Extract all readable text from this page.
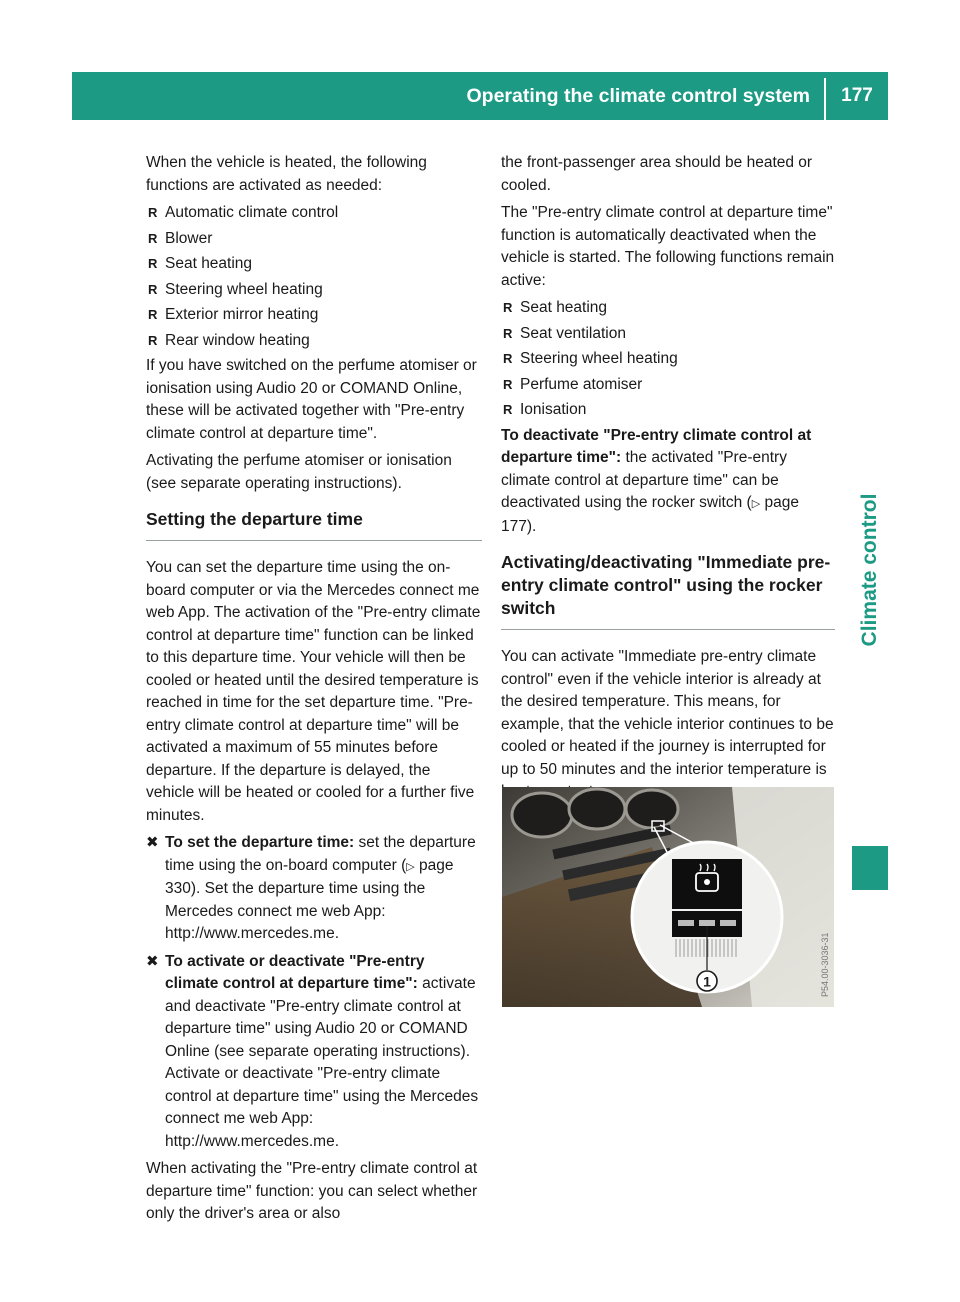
Operating the climate control system	177
Climate control

When the vehicle is heated, the following functions are activated as needed:

R Automatic climate control
R Blower
R Seat heating
R Steering wheel heating
R Exterior mirror heating
R Rear window heating

If you have switched on the perfume atomiser or ionisation using Audio 20 or COMAND Online, these will be activated together with "Pre-entry climate control at departure time".

Activating the perfume atomiser or ionisation (see separate operating instructions).

Setting the departure time

You can set the departure time using the on-board computer or via the Mercedes connect me web App. The activation of the "Pre-entry climate control at departure time" function can be linked to this departure time. Your vehicle will then be cooled or heated until the desired temperature is reached in time for the set departure time. "Pre-entry climate control at departure time" will be activated a maximum of 55 minutes before departure. If the departure is delayed, the vehicle will be heated or cooled for a further five minutes.

✖ To set the departure time: set the departure time using the on-board computer (▷ page 330). Set the departure time using the Mercedes connect me web App: http://www.mercedes.me.
✖ To activate or deactivate "Pre-entry climate control at departure time": activate and deactivate "Pre-entry climate control at departure time" using Audio 20 or COMAND Online (see separate operating instructions). Activate or deactivate "Pre-entry climate control at departure time" using the Mercedes connect me web App: http://www.mercedes.me.

When activating the "Pre-entry climate control at departure time" function: you can select whether only the driver's area or also

the front-passenger area should be heated or cooled.

The "Pre-entry climate control at departure time" function is automatically deactivated when the vehicle is started. The following functions remain active:

R Seat heating
R Seat ventilation
R Steering wheel heating
R Perfume atomiser
R Ionisation

To deactivate "Pre-entry climate control at departure time": the activated "Pre-entry climate control at departure time" can be deactivated using the rocker switch (▷ page 177).

Activating/deactivating "Immediate pre-entry climate control" using the rocker switch

You can activate "Immediate pre-entry climate control" even if the vehicle interior is already at the desired temperature. This means, for example, that the vehicle interior continues to be cooled or heated if the journey is interrupted for up to 50 minutes and the interior temperature is

1	P54.00-3036-31
